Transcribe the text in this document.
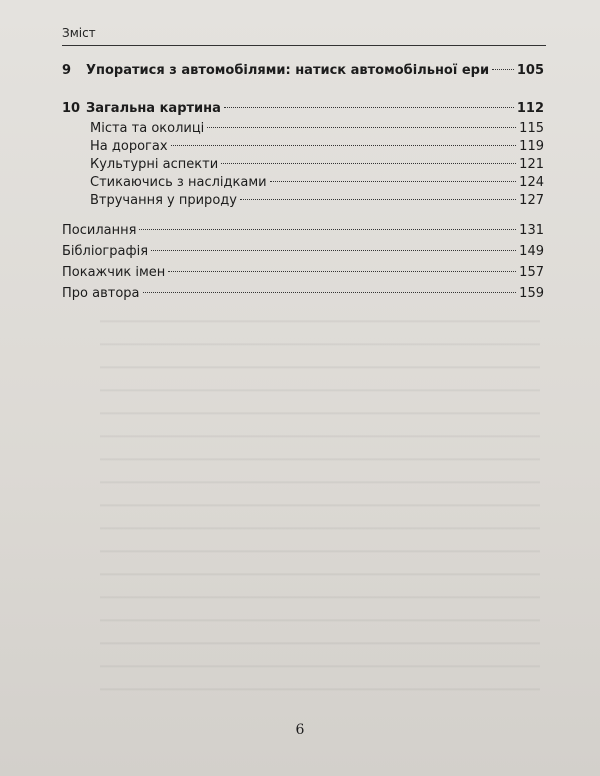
Зміст
9	Упоратися з автомобілями: натиск автомобільної ери 105
10 Загальна картина	112
Міста та околиці	115
На дорогах	119
Культурні аспекти	121
Стикаючись з наслідками	124
Втручання у природу	127
Посилання	131
Бібліографія	149
Покажчик імен	157
Про автора	159
6
